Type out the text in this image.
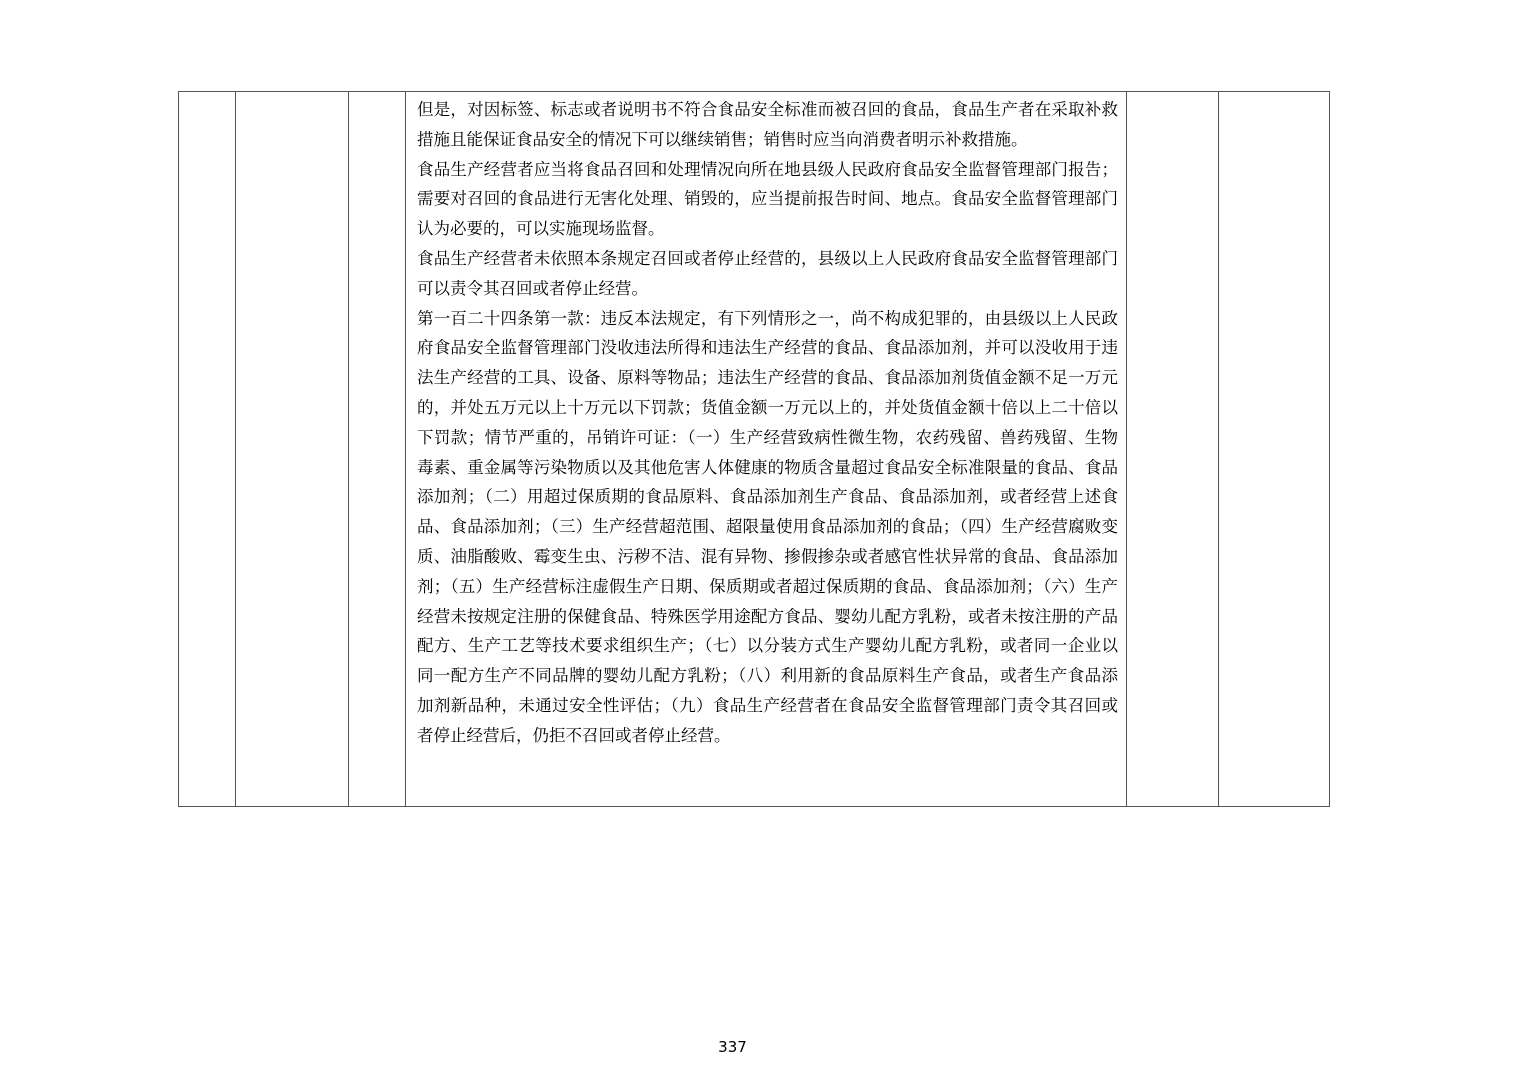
但是，对因标签、标志或者说明书不符合食品安全标准而被召回的食品，食品生产者在采取补救措施且能保证食品安全的情况下可以继续销售；销售时应当向消费者明示补救措施。

食品生产经营者应当将食品召回和处理情况向所在地县级人民政府食品安全监督管理部门报告；需要对召回的食品进行无害化处理、销毁的，应当提前报告时间、地点。食品安全监督管理部门认为必要的，可以实施现场监督。

食品生产经营者未依照本条规定召回或者停止经营的，县级以上人民政府食品安全监督管理部门可以责令其召回或者停止经营。

第一百二十四条第一款：违反本法规定，有下列情形之一，尚不构成犯罪的，由县级以上人民政府食品安全监督管理部门没收违法所得和违法生产经营的食品、食品添加剂，并可以没收用于违法生产经营的工具、设备、原料等物品；违法生产经营的食品、食品添加剂货值金额不足一万元的，并处五万元以上十万元以下罚款；货值金额一万元以上的，并处货值金额十倍以上二十倍以下罚款；情节严重的，吊销许可证：（一）生产经营致病性微生物，农药残留、兽药残留、生物毒素、重金属等污染物质以及其他危害人体健康的物质含量超过食品安全标准限量的食品、食品添加剂；（二）用超过保质期的食品原料、食品添加剂生产食品、食品添加剂，或者经营上述食品、食品添加剂；（三）生产经营超范围、超限量使用食品添加剂的食品；（四）生产经营腐败变质、油脂酸败、霉变生虫、污秽不洁、混有异物、掺假掺杂或者感官性状异常的食品、食品添加剂；（五）生产经营标注虚假生产日期、保质期或者超过保质期的食品、食品添加剂；（六）生产经营未按规定注册的保健食品、特殊医学用途配方食品、婴幼儿配方乳粉，或者未按注册的产品配方、生产工艺等技术要求组织生产；（七）以分装方式生产婴幼儿配方乳粉，或者同一企业以同一配方生产不同品牌的婴幼儿配方乳粉；（八）利用新的食品原料生产食品，或者生产食品添加剂新品种，未通过安全性评估；（九）食品生产经营者在食品安全监督管理部门责令其召回或者停止经营后，仍拒不召回或者停止经营。

337
